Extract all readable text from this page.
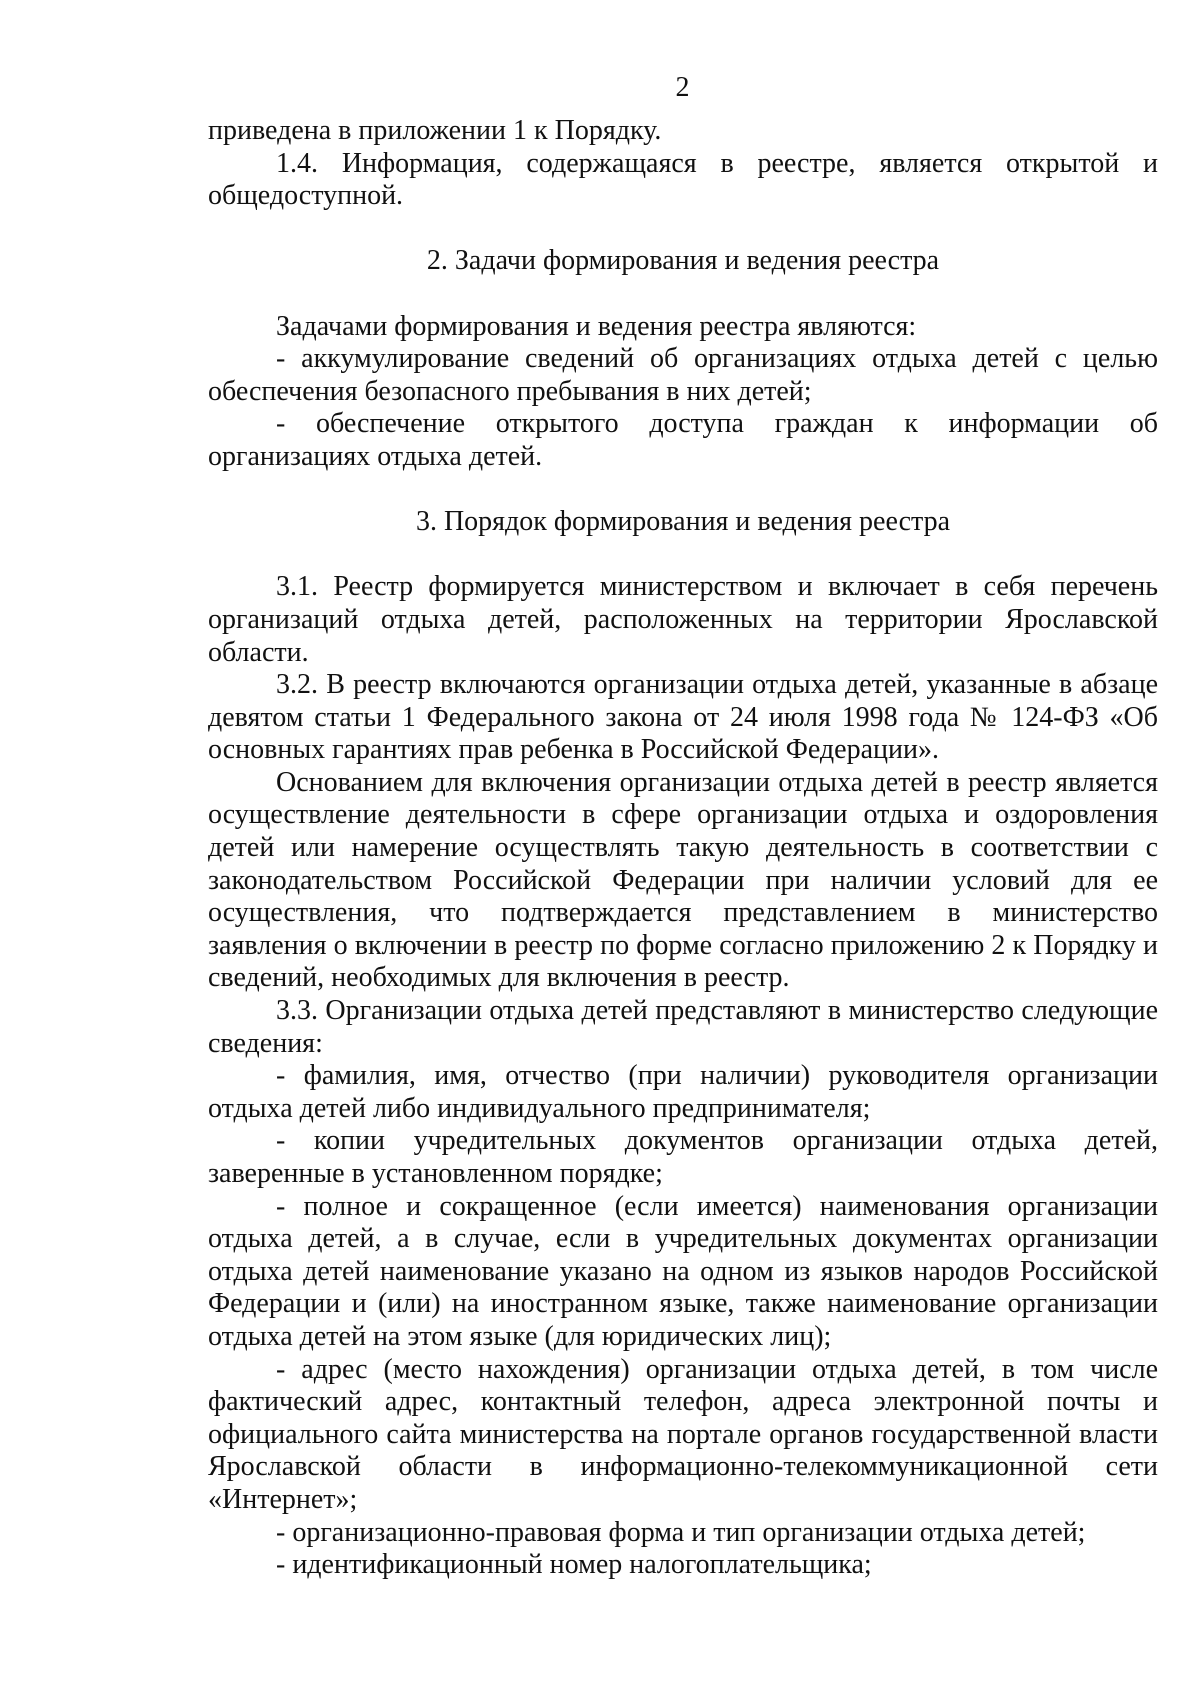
2

приведена в приложении 1 к Порядку.

1.4. Информация, содержащаяся в реестре, является открытой и общедоступной.

2. Задачи формирования и ведения реестра

Задачами формирования и ведения реестра являются:

- аккумулирование сведений об организациях отдыха детей с целью обеспечения безопасного пребывания в них детей;

- обеспечение открытого доступа граждан к информации об организациях отдыха детей.

3. Порядок формирования и ведения реестра

3.1. Реестр формируется министерством и включает в себя перечень организаций отдыха детей, расположенных на территории Ярославской области.

3.2. В реестр включаются организации отдыха детей, указанные в абзаце девятом статьи 1 Федерального закона от 24 июля 1998 года № 124-ФЗ «Об основных гарантиях прав ребенка в Российской Федерации».

Основанием для включения организации отдыха детей в реестр является осуществление деятельности в сфере организации отдыха и оздоровления детей или намерение осуществлять такую деятельность в соответствии с законодательством Российской Федерации при наличии условий для ее осуществления, что подтверждается представлением в министерство заявления о включении в реестр по форме согласно приложению 2 к Порядку и сведений, необходимых для включения в реестр.

3.3. Организации отдыха детей представляют в министерство следующие сведения:

- фамилия, имя, отчество (при наличии) руководителя организации отдыха детей либо индивидуального предпринимателя;

- копии учредительных документов организации отдыха детей, заверенные в установленном порядке;

- полное и сокращенное (если имеется) наименования организации отдыха детей, а в случае, если в учредительных документах организации отдыха детей наименование указано на одном из языков народов Российской Федерации и (или) на иностранном языке, также наименование организации отдыха детей на этом языке (для юридических лиц);

- адрес (место нахождения) организации отдыха детей, в том числе фактический адрес, контактный телефон, адреса электронной почты и официального сайта министерства на портале органов государственной власти Ярославской области в информационно-телекоммуникационной сети «Интернет»;

- организационно-правовая форма и тип организации отдыха детей;

- идентификационный номер налогоплательщика;
